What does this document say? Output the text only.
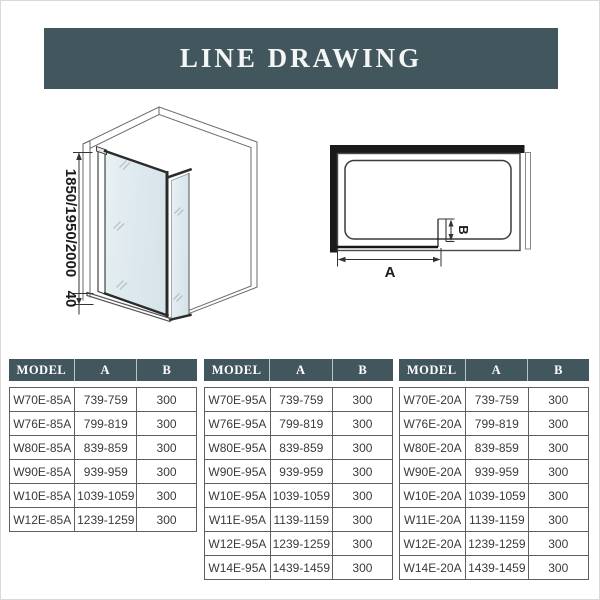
LINE DRAWING
1850/1950/2000
40
B
A
MODEL	A	B
W70E-85A	739-759	300
W76E-85A	799-819	300
W80E-85A	839-859	300
W90E-85A	939-959	300
W10E-85A	1039-1059	300
W12E-85A	1239-1259	300
MODEL	A	B
W70E-95A	739-759	300
W76E-95A	799-819	300
W80E-95A	839-859	300
W90E-95A	939-959	300
W10E-95A	1039-1059	300
W11E-95A	1139-1159	300
W12E-95A	1239-1259	300
W14E-95A	1439-1459	300
MODEL	A	B
W70E-20A	739-759	300
W76E-20A	799-819	300
W80E-20A	839-859	300
W90E-20A	939-959	300
W10E-20A	1039-1059	300
W11E-20A	1139-1159	300
W12E-20A	1239-1259	300
W14E-20A	1439-1459	300
